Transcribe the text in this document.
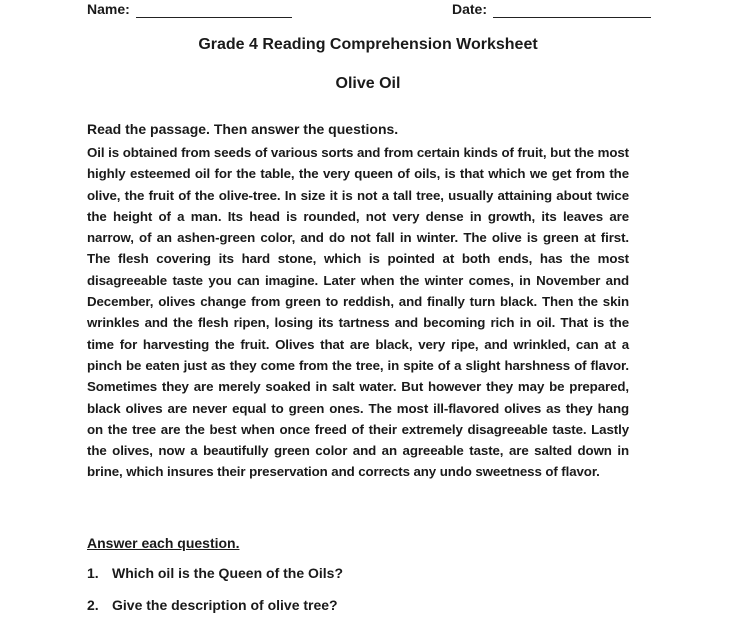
Name:	Date:
Grade 4 Reading Comprehension Worksheet
Olive Oil
Read the passage. Then answer the questions.
Oil is obtained from seeds of various sorts and from certain kinds of fruit, but the most highly esteemed oil for the table, the very queen of oils, is that which we get from the olive, the fruit of the olive-tree. In size it is not a tall tree, usually attaining about twice the height of a man. Its head is rounded, not very dense in growth, its leaves are narrow, of an ashen-green color, and do not fall in winter. The olive is green at first. The flesh covering its hard stone, which is pointed at both ends, has the most disagreeable taste you can imagine. Later when the winter comes, in November and December, olives change from green to reddish, and finally turn black. Then the skin wrinkles and the flesh ripen, losing its tartness and becoming rich in oil. That is the time for harvesting the fruit. Olives that are black, very ripe, and wrinkled, can at a pinch be eaten just as they come from the tree, in spite of a slight harshness of flavor. Sometimes they are merely soaked in salt water. But however they may be prepared, black olives are never equal to green ones. The most ill-flavored olives as they hang on the tree are the best when once freed of their extremely disagreeable taste. Lastly the olives, now a beautifully green color and an agreeable taste, are salted down in brine, which insures their preservation and corrects any undo sweetness of flavor.
Answer each question.
1. Which oil is the Queen of the Oils?
2. Give the description of olive tree?
